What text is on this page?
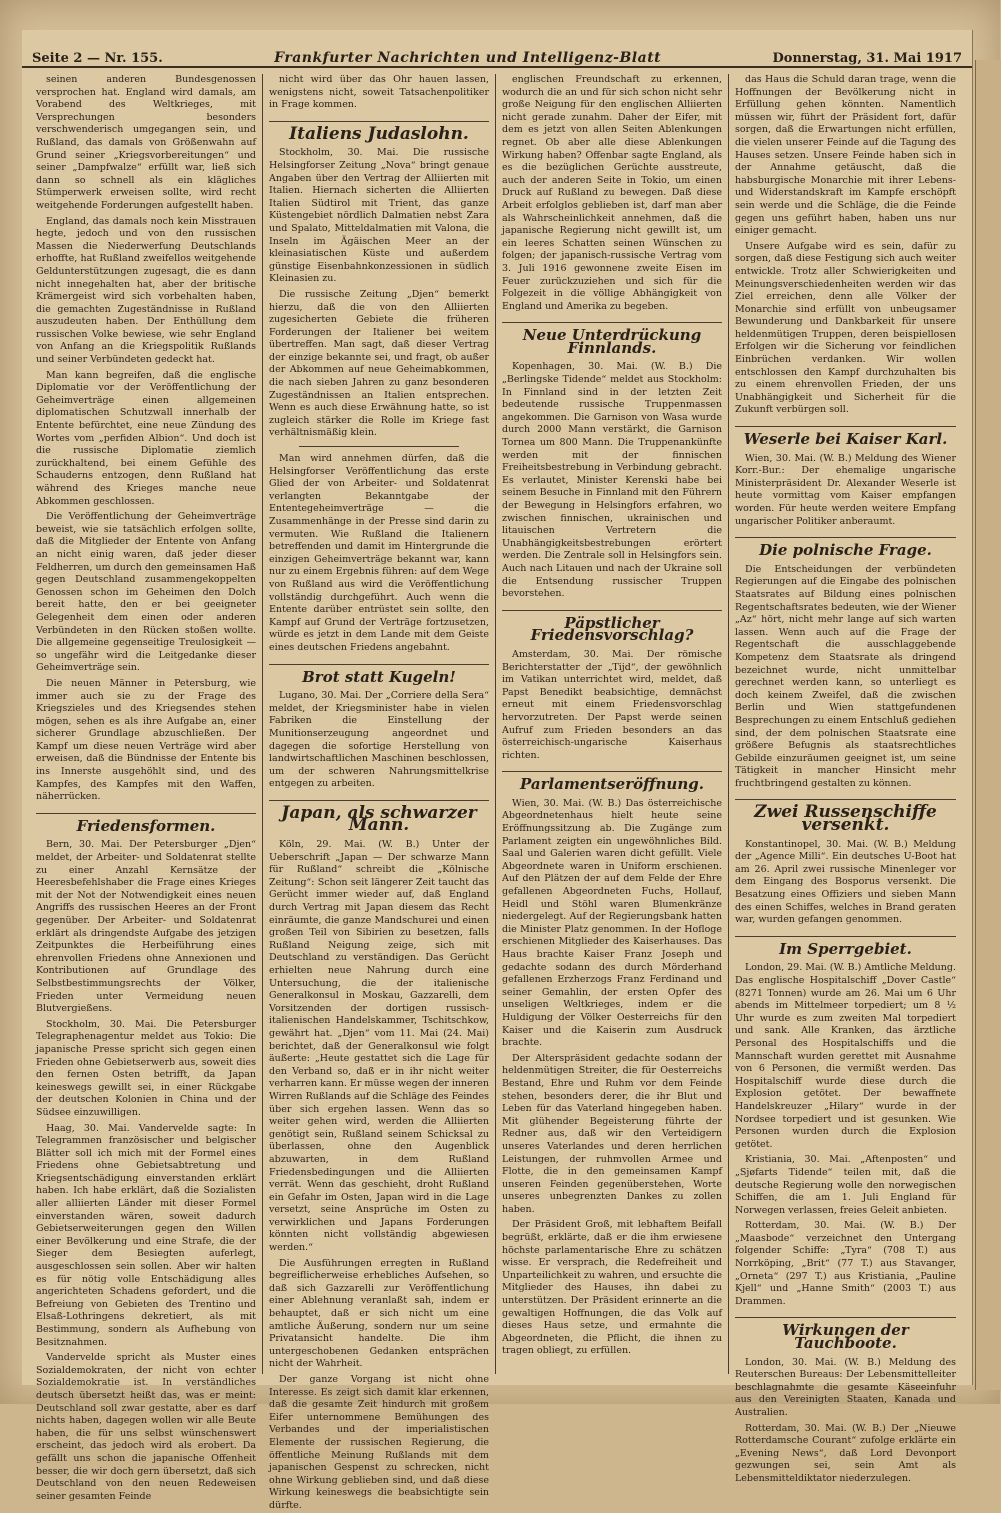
Seite 2 — Nr. 155.	Frankfurter Nachrichten und Intelligenz-Blatt	Donnerstag, 31. Mai 1917

seinen anderen Bundesgenossen versprochen hat. England wird damals, am Vorabend des Weltkrieges, mit Versprechungen besonders verschwenderisch umgegangen sein, und Rußland, das damals von Größenwahn auf Grund seiner „Kriegsvorbereitungen“ und seiner „Dampfwalze“ erfüllt war, ließ sich dann so schnell als ein klägliches Stümperwerk erweisen sollte, wird recht weitgehende Forderungen aufgestellt haben.

England, das damals noch kein Misstrauen hegte, jedoch und von den russischen Massen die Niederwerfung Deutschlands erhoffte, hat Rußland zweifellos weitgehende Geldunterstützungen zugesagt, die es dann nicht innegehalten hat, aber der britische Krämergeist wird sich vorbehalten haben, die gemachten Zugeständnisse in Rußland auszudeuten haben. Der Enthüllung dem russischen Volke bewiese, wie sehr England von Anfang an die Kriegspolitik Rußlands und seiner Verbündeten gedeckt hat.

Man kann begreifen, daß die englische Diplomatie vor der Veröffentlichung der Geheimverträge einen allgemeinen diplomatischen Schutzwall innerhalb der Entente befürchtet, eine neue Zündung des Wortes vom „perfiden Albion“. Und doch ist die russische Diplomatie ziemlich zurückhaltend, bei einem Gefühle des Schauderns entzogen, denn Rußland hat während des Krieges manche neue Abkommen geschlossen.

Die Veröffentlichung der Geheimverträge beweist, wie sie tatsächlich erfolgen sollte, daß die Mitglieder der Entente von Anfang an nicht einig waren, daß jeder dieser Feldherren, um durch den gemeinsamen Haß gegen Deutschland zusammengekoppelten Genossen schon im Geheimen den Dolch bereit hatte, den er bei geeigneter Gelegenheit dem einen oder anderen Verbündeten in den Rücken stoßen wollte. Die allgemeine gegenseitige Treulosigkeit — so ungefähr wird die Leitgedanke dieser Geheimverträge sein.

Die neuen Männer in Petersburg, wie immer auch sie zu der Frage des Kriegszieles und des Kriegsendes stehen mögen, sehen es als ihre Aufgabe an, einer sicherer Grundlage abzuschließen. Der Kampf um diese neuen Verträge wird aber erweisen, daß die Bündnisse der Entente bis ins Innerste ausgehöhlt sind, und des Kampfes, des Kampfes mit den Waffen, näherrücken.

Friedensformen.

Bern, 30. Mai. Der Petersburger „Djen“ meldet, der Arbeiter- und Soldatenrat stellte zu einer Anzahl Kernsätze der Heeresbefehlshaber die Frage eines Krieges mit der Not der Notwendigkeit eines neuen Angriffs des russischen Heeres an der Front gegenüber. Der Arbeiter- und Soldatenrat erklärt als dringendste Aufgabe des jetzigen Zeitpunktes die Herbeiführung eines ehrenvollen Friedens ohne Annexionen und Kontributionen auf Grundlage des Selbstbestimmungsrechts der Völker, Frieden unter Vermeidung neuen Blutvergießens.

Stockholm, 30. Mai. Die Petersburger Telegraphenagentur meldet aus Tokio: Die japanische Presse spricht sich gegen einen Frieden ohne Gebietserwerb aus, soweit dies den fernen Osten betrifft, da Japan keineswegs gewillt sei, in einer Rückgabe der deutschen Kolonien in China und der Südsee einzuwilligen.

Haag, 30. Mai. Vandervelde sagte: In Telegrammen französischer und belgischer Blätter soll ich mich mit der Formel eines Friedens ohne Gebietsabtretung und Kriegsentschädigung einverstanden erklärt haben. Ich habe erklärt, daß die Sozialisten aller alliierten Länder mit dieser Formel einverstanden wären, soweit dadurch Gebietserweiterungen gegen den Willen einer Bevölkerung und eine Strafe, die der Sieger dem Besiegten auferlegt, ausgeschlossen sein sollen. Aber wir halten es für nötig volle Entschädigung alles angerichteten Schadens gefordert, und die Befreiung von Gebieten des Trentino und Elsaß-Lothringens dekretiert, als mit Bestimmung, sondern als Aufhebung von Besitznahmen.

Vandervelde spricht als Muster eines Sozialdemokraten, der nicht von echter Sozialdemokratie ist. In verständliches deutsch übersetzt heißt das, was er meint: Deutschland soll zwar gestatte, aber es darf nichts haben, dagegen wollen wir alle Beute haben, die für uns selbst wünschenswert erscheint, das jedoch wird als erobert. Da gefällt uns schon die japanische Offenheit besser, die wir doch gern übersetzt, daß sich Deutschland von den neuen Redeweisen seiner gesamten Feinde

nicht wird über das Ohr hauen lassen, wenigstens nicht, soweit Tatsachenpolitiker in Frage kommen.

Italiens Judaslohn.

Stockholm, 30. Mai. Die russische Helsingforser Zeitung „Nova“ bringt genaue Angaben über den Vertrag der Alliierten mit Italien. Hiernach sicherten die Alliierten Italien Südtirol mit Trient, das ganze Küstengebiet nördlich Dalmatien nebst Zara und Spalato, Mitteldalmatien mit Valona, die Inseln im Ägäischen Meer an der kleinasiatischen Küste und außerdem günstige Eisenbahnkonzessionen in südlich Kleinasien zu.

Die russische Zeitung „Djen“ bemerkt hierzu, daß die von den Alliierten zugesicherten Gebiete die früheren Forderungen der Italiener bei weitem übertreffen. Man sagt, daß dieser Vertrag der einzige bekannte sei, und fragt, ob außer der Abkommen auf neue Geheimabkommen, die nach sieben Jahren zu ganz besonderen Zugeständnissen an Italien entsprechen. Wenn es auch diese Erwähnung hatte, so ist zugleich stärker die Rolle im Kriege fast verhältnismäßig klein.

Man wird annehmen dürfen, daß die Helsingforser Veröffentlichung das erste Glied der von Arbeiter- und Soldatenrat verlangten Bekanntgabe der Ententegeheimverträge — die Zusammenhänge in der Presse sind darin zu vermuten. Wie Rußland die Italienern betreffenden und damit im Hintergrunde die einzigen Geheimverträge bekannt war, kann nur zu einem Ergebnis führen: auf dem Wege von Rußland aus wird die Veröffentlichung vollständig durchgeführt. Auch wenn die Entente darüber entrüstet sein sollte, den Kampf auf Grund der Verträge fortzusetzen, würde es jetzt in dem Lande mit dem Geiste eines deutschen Friedens angebahnt.

Brot statt Kugeln!

Lugano, 30. Mai. Der „Corriere della Sera“ meldet, der Kriegsminister habe in vielen Fabriken die Einstellung der Munitionserzeugung angeordnet und dagegen die sofortige Herstellung von landwirtschaftlichen Maschinen beschlossen, um der schweren Nahrungsmittelkrise entgegen zu arbeiten.

Japan, als schwarzer Mann.

Köln, 29. Mai. (W. B.) Unter der Ueberschrift „Japan — Der schwarze Mann für Rußland“ schreibt die „Kölnische Zeitung“: Schon seit längerer Zeit taucht das Gerücht immer wieder auf, daß England durch Vertrag mit Japan diesem das Recht einräumte, die ganze Mandschurei und einen großen Teil von Sibirien zu besetzen, falls Rußland Neigung zeige, sich mit Deutschland zu verständigen. Das Gerücht erhielten neue Nahrung durch eine Untersuchung, die der italienische Generalkonsul in Moskau, Gazzarelli, dem Vorsitzenden der dortigen russisch-italienischen Handelskammer, Tschitschkow, gewährt hat. „Djen“ vom 11. Mai (24. Mai) berichtet, daß der Generalkonsul wie folgt äußerte: „Heute gestattet sich die Lage für den Verband so, daß er in ihr nicht weiter verharren kann. Er müsse wegen der inneren Wirren Rußlands auf die Schläge des Feindes über sich ergehen lassen. Wenn das so weiter gehen wird, werden die Alliierten genötigt sein, Rußland seinem Schicksal zu überlassen, ohne den Augenblick abzuwarten, in dem Rußland Friedensbedingungen und die Alliierten verrät. Wenn das geschieht, droht Rußland ein Gefahr im Osten, Japan wird in die Lage versetzt, seine Ansprüche im Osten zu verwirklichen und Japans Forderungen könnten nicht vollständig abgewiesen werden.“

Die Ausführungen erregten in Rußland begreiflicherweise erhebliches Aufsehen, so daß sich Gazzarelli zur Veröffentlichung einer Ablehnung veranlaßt sah, indem er behauptet, daß er sich nicht um eine amtliche Äußerung, sondern nur um seine Privatansicht handelte. Die ihm untergeschobenen Gedanken entsprächen nicht der Wahrheit.

Der ganze Vorgang ist nicht ohne Interesse. Es zeigt sich damit klar erkennen, daß die gesamte Zeit hindurch mit großem Eifer unternommene Bemühungen des Verbandes und der imperialistischen Elemente der russischen Regierung, die öffentliche Meinung Rußlands mit dem japanischen Gespenst zu schrecken, nicht ohne Wirkung geblieben sind, und daß diese Wirkung keineswegs die beabsichtigte sein dürfte.

englischen Freundschaft zu erkennen, wodurch die an und für sich schon nicht sehr große Neigung für den englischen Alliierten nicht gerade zunahm. Daher der Eifer, mit dem es jetzt von allen Seiten Ablenkungen regnet. Ob aber alle diese Ablenkungen Wirkung haben? Offenbar sagte England, als es die bezüglichen Gerüchte ausstreute, auch der anderen Seite in Tokio, um einen Druck auf Rußland zu bewegen. Daß diese Arbeit erfolglos geblieben ist, darf man aber als Wahrscheinlichkeit annehmen, daß die japanische Regierung nicht gewillt ist, um ein leeres Schatten seinen Wünschen zu folgen; der japanisch-russische Vertrag vom 3. Juli 1916 gewonnene zweite Eisen im Feuer zurückzuziehen und sich für die Folgezeit in die völlige Abhängigkeit von England und Amerika zu begeben.

Neue Unterdrückung Finnlands.

Kopenhagen, 30. Mai. (W. B.) Die „Berlingske Tidende“ meldet aus Stockholm: In Finnland sind in der letzten Zeit bedeutende russische Truppenmassen angekommen. Die Garnison von Wasa wurde durch 2000 Mann verstärkt, die Garnison Tornea um 800 Mann. Die Truppenankünfte werden mit der finnischen Freiheitsbestrebung in Verbindung gebracht. Es verlautet, Minister Kerenski habe bei seinem Besuche in Finnland mit den Führern der Bewegung in Helsingfors erfahren, wo zwischen finnischen, ukrainischen und litauischen Vertretern die Unabhängigkeitsbestrebungen erörtert werden. Die Zentrale soll in Helsingfors sein. Auch nach Litauen und nach der Ukraine soll die Entsendung russischer Truppen bevorstehen.

Päpstlicher Friedensvorschlag?

Amsterdam, 30. Mai. Der römische Berichterstatter der „Tijd“, der gewöhnlich im Vatikan unterrichtet wird, meldet, daß Papst Benedikt beabsichtige, demnächst erneut mit einem Friedensvorschlag hervorzutreten. Der Papst werde seinen Aufruf zum Frieden besonders an das österreichisch-ungarische Kaiserhaus richten.

Parlamentseröffnung.

Wien, 30. Mai. (W. B.) Das österreichische Abgeordnetenhaus hielt heute seine Eröffnungssitzung ab. Die Zugänge zum Parlament zeigten ein ungewöhnliches Bild. Saal und Galerien waren dicht gefüllt. Viele Abgeordnete waren in Uniform erschienen. Auf den Plätzen der auf dem Felde der Ehre gefallenen Abgeordneten Fuchs, Hollauf, Heidl und Stöhl waren Blumenkränze niedergelegt. Auf der Regierungsbank hatten die Minister Platz genommen. In der Hofloge erschienen Mitglieder des Kaiserhauses. Das Haus brachte Kaiser Franz Joseph und gedachte sodann des durch Mörderhand gefallenen Erzherzogs Franz Ferdinand und seiner Gemahlin, der ersten Opfer des unseligen Weltkrieges, indem er die Huldigung der Völker Oesterreichs für den Kaiser und die Kaiserin zum Ausdruck brachte.

Der Alterspräsident gedachte sodann der heldenmütigen Streiter, die für Oesterreichs Bestand, Ehre und Ruhm vor dem Feinde stehen, besonders derer, die ihr Blut und Leben für das Vaterland hingegeben haben. Mit glühender Begeisterung führte der Redner aus, daß wir den Verteidigern unseres Vaterlandes und deren herrlichen Leistungen, der ruhmvollen Armee und Flotte, die in den gemeinsamen Kampf unseren Feinden gegenüberstehen, Worte unseres unbegrenzten Dankes zu zollen haben.

Der Präsident Groß, mit lebhaftem Beifall begrüßt, erklärte, daß er die ihm erwiesene höchste parlamentarische Ehre zu schätzen wisse. Er versprach, die Redefreiheit und Unparteilichkeit zu wahren, und ersuchte die Mitglieder des Hauses, ihn dabei zu unterstützen. Der Präsident erinnerte an die gewaltigen Hoffnungen, die das Volk auf dieses Haus setze, und ermahnte die Abgeordneten, die Pflicht, die ihnen zu tragen obliegt, zu erfüllen.

das Haus die Schuld daran trage, wenn die Hoffnungen der Bevölkerung nicht in Erfüllung gehen könnten. Namentlich müssen wir, führt der Präsident fort, dafür sorgen, daß die Erwartungen nicht erfüllen, die vielen unserer Feinde auf die Tagung des Hauses setzen. Unsere Feinde haben sich in der Annahme getäuscht, daß die habsburgische Monarchie mit ihrer Lebens- und Widerstandskraft im Kampfe erschöpft sein werde und die Schläge, die die Feinde gegen uns geführt haben, haben uns nur einiger gemacht.

Unsere Aufgabe wird es sein, dafür zu sorgen, daß diese Festigung sich auch weiter entwickle. Trotz aller Schwierigkeiten und Meinungsverschiedenheiten werden wir das Ziel erreichen, denn alle Völker der Monarchie sind erfüllt von unbeugsamer Bewunderung und Dankbarkeit für unsere heldenmütigen Truppen, deren beispiellosen Erfolgen wir die Sicherung vor feindlichen Einbrüchen verdanken. Wir wollen entschlossen den Kampf durchzuhalten bis zu einem ehrenvollen Frieden, der uns Unabhängigkeit und Sicherheit für die Zukunft verbürgen soll.

Weserle bei Kaiser Karl.

Wien, 30. Mai. (W. B.) Meldung des Wiener Korr.-Bur.: Der ehemalige ungarische Ministerpräsident Dr. Alexander Weserle ist heute vormittag vom Kaiser empfangen worden. Für heute werden weitere Empfang ungarischer Politiker anberaumt.

Die polnische Frage.

Die Entscheidungen der verbündeten Regierungen auf die Eingabe des polnischen Staatsrates auf Bildung eines polnischen Regentschaftsrates bedeuten, wie der Wiener „Az“ hört, nicht mehr lange auf sich warten lassen. Wenn auch auf die Frage der Regentschaft die ausschlaggebende Kompetenz dem Staatsrate als dringend bezeichnet wurde, nicht unmittelbar gerechnet werden kann, so unterliegt es doch keinem Zweifel, daß die zwischen Berlin und Wien stattgefundenen Besprechungen zu einem Entschluß gediehen sind, der dem polnischen Staatsrate eine größere Befugnis als staatsrechtliches Gebilde einzuräumen geeignet ist, um seine Tätigkeit in mancher Hinsicht mehr fruchtbringend gestalten zu können.

Zwei Russenschiffe versenkt.

Konstantinopel, 30. Mai. (W. B.) Meldung der „Agence Milli“. Ein deutsches U-Boot hat am 26. April zwei russische Minenleger vor dem Eingang des Bosporus versenkt. Die Besatzung eines Offiziers und sieben Mann des einen Schiffes, welches in Brand geraten war, wurden gefangen genommen.

Im Sperrgebiet.

London, 29. Mai. (W. B.) Amtliche Meldung. Das englische Hospitalschiff „Dover Castle“ (8271 Tonnen) wurde am 26. Mai um 6 Uhr abends im Mittelmeer torpediert; um 8 ½ Uhr wurde es zum zweiten Mal torpediert und sank. Alle Kranken, das ärztliche Personal des Hospitalschiffs und die Mannschaft wurden gerettet mit Ausnahme von 6 Personen, die vermißt werden. Das Hospitalschiff wurde diese durch die Explosion getötet. Der bewaffnete Handelskreuzer „Hilary“ wurde in der Nordsee torpediert und ist gesunken. Wie Personen wurden durch die Explosion getötet.

Kristiania, 30. Mai. „Aftenposten“ und „Sjøfarts Tidende“ teilen mit, daß die deutsche Regierung wolle den norwegischen Schiffen, die am 1. Juli England für Norwegen verlassen, freies Geleit anbieten.

Rotterdam, 30. Mai. (W. B.) Der „Maasbode“ verzeichnet den Untergang folgender Schiffe: „Tyra“ (708 T.) aus Norrköping, „Brit“ (77 T.) aus Stavanger, „Orneta“ (297 T.) aus Kristiania, „Pauline Kjell“ und „Hanne Smith“ (2003 T.) aus Drammen.

Wirkungen der Tauchboote.

London, 30. Mai. (W. B.) Meldung des Reuterschen Bureaus: Der Lebensmittelleiter beschlagnahmte die gesamte Käseeinfuhr aus den Vereinigten Staaten, Kanada und Australien.

Rotterdam, 30. Mai. (W. B.) Der „Nieuwe Rotterdamsche Courant“ zufolge erklärte ein „Evening News“, daß Lord Devonport gezwungen sei, sein Amt als Lebensmitteldiktator niederzulegen.
